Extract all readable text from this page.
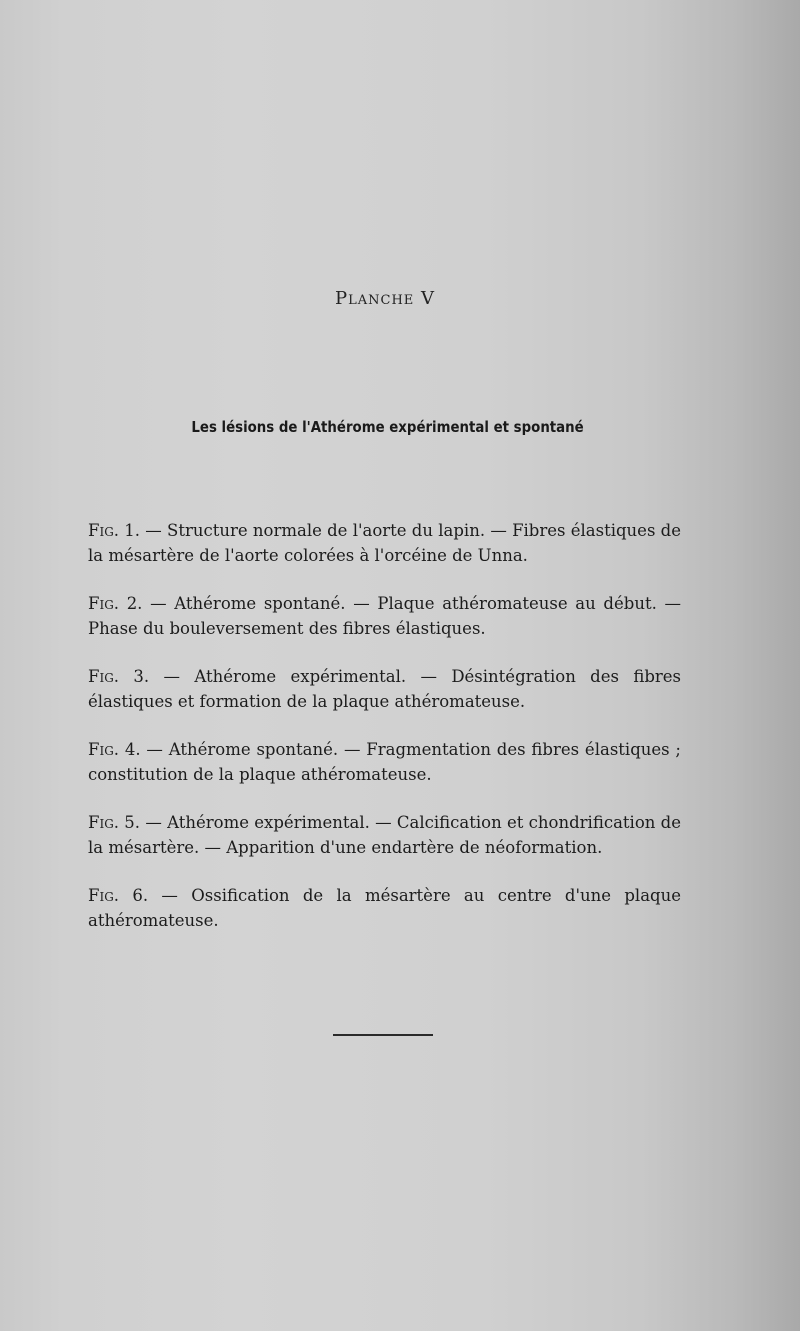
Planche V
Les lésions de l'Athérome expérimental et spontané

Fig. 1. — Structure normale de l'aorte du lapin. — Fibres élastiques de la mésartère de l'aorte colorées à l'orcéine de Unna.

Fig. 2. — Athérome spontané. — Plaque athéromateuse au début. — Phase du bouleversement des fibres élastiques.

Fig. 3. — Athérome expérimental. — Désintégration des fibres élastiques et formation de la plaque athéromateuse.

Fig. 4. — Athérome spontané. — Fragmentation des fibres élastiques ; constitution de la plaque athéromateuse.

Fig. 5. — Athérome expérimental. — Calcification et chondrification de la mésartère. — Apparition d'une endartère de néoformation.

Fig. 6. — Ossification de la mésartère au centre d'une plaque athéromateuse.
